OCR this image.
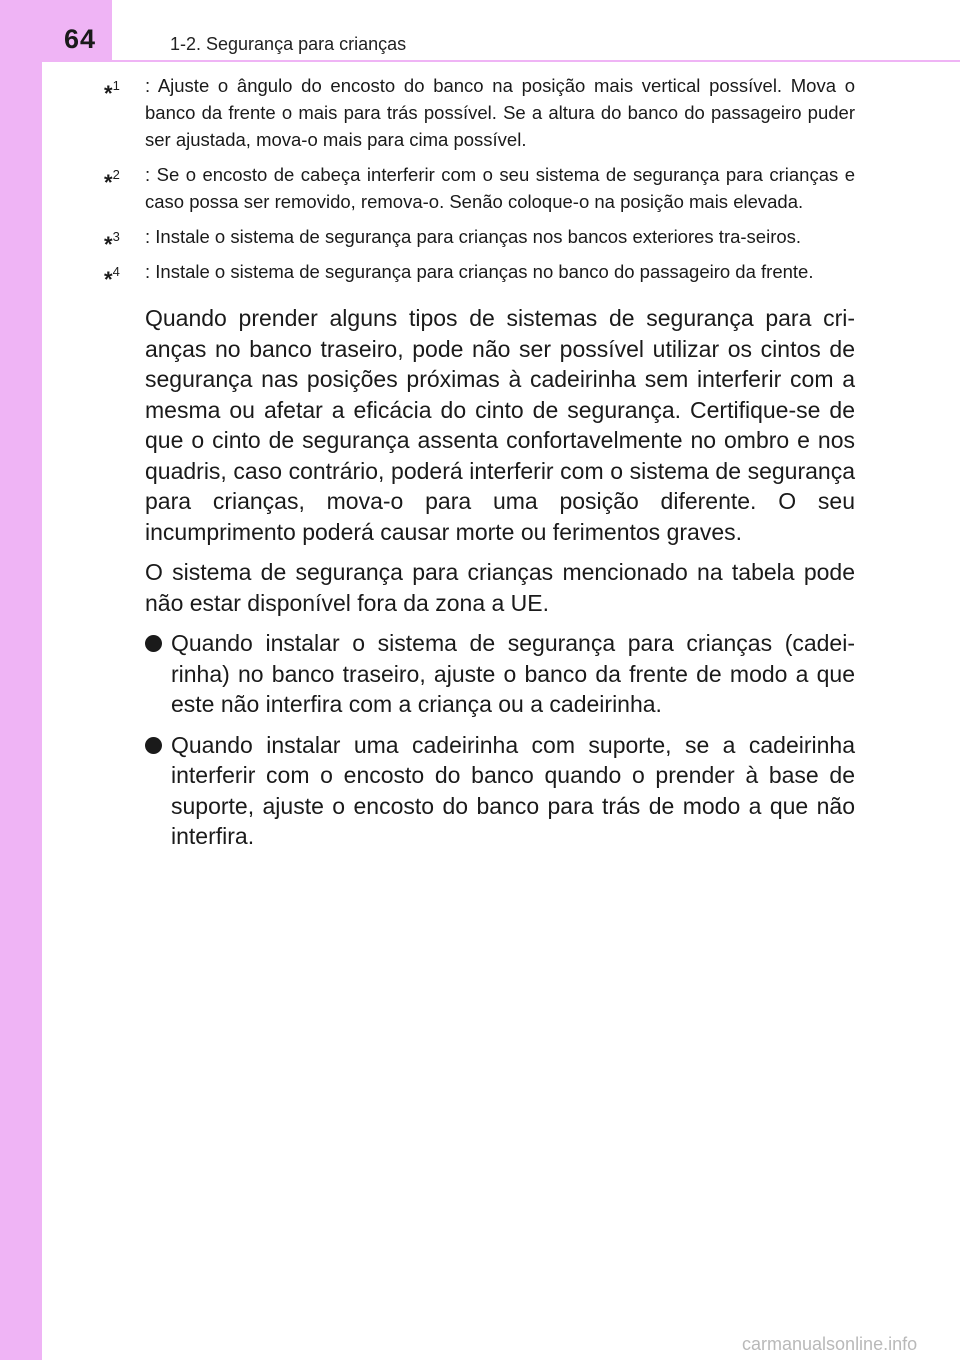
64	1-2. Segurança para crianças
*$^1$ : Ajuste o ângulo do encosto do banco na posição mais vertical possível. Mova o banco da frente o mais para trás possível. Se a altura do banco do passageiro puder ser ajustada, mova-o mais para cima possível.
*$^2$ : Se o encosto de cabeça interferir com o seu sistema de segurança para crianças e caso possa ser removido, remova-o. Senão coloque-o na posição mais elevada.
*$^3$ : Instale o sistema de segurança para crianças nos bancos exteriores tra-seiros.
*$^4$ : Instale o sistema de segurança para crianças no banco do passageiro da frente.

Quando prender alguns tipos de sistemas de segurança para cri-anças no banco traseiro, pode não ser possível utilizar os cintos de segurança nas posições próximas à cadeirinha sem interferir com a mesma ou afetar a eficácia do cinto de segurança. Certifique-se de que o cinto de segurança assenta confortavelmente no ombro e nos quadris, caso contrário, poderá interferir com o sistema de segurança para crianças, mova-o para uma posição diferente. O seu incumprimento poderá causar morte ou ferimentos graves.

O sistema de segurança para crianças mencionado na tabela pode não estar disponível fora da zona a UE.

Quando instalar o sistema de segurança para crianças (cadei-rinha) no banco traseiro, ajuste o banco da frente de modo a que este não interfira com a criança ou a cadeirinha.
Quando instalar uma cadeirinha com suporte, se a cadeirinha interferir com o encosto do banco quando o prender à base de suporte, ajuste o encosto do banco para trás de modo a que não interfira.
carmanualsonline.info
